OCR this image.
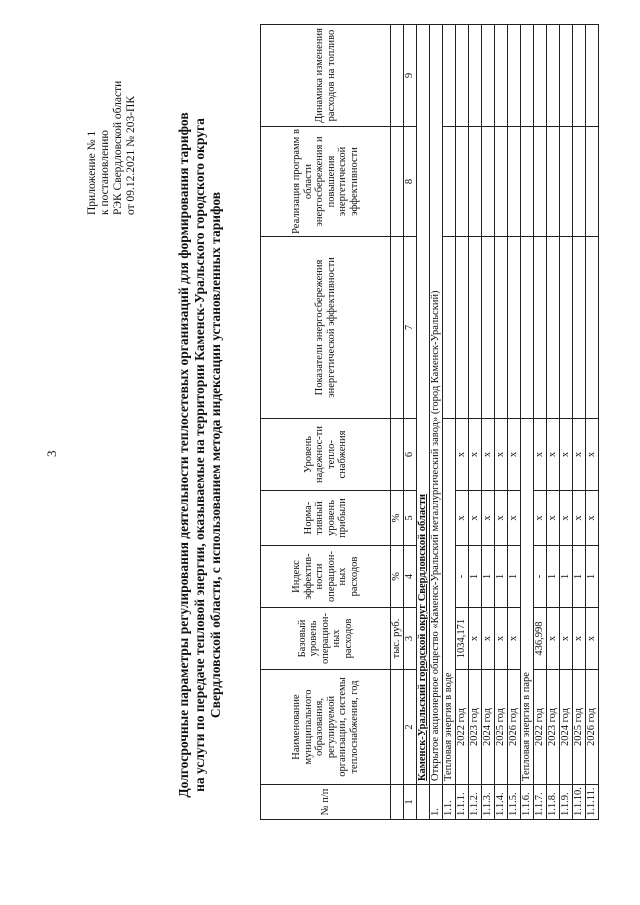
3
Приложение № 1 к постановлению РЭК Свердловской области от 09.12.2021 № 203-ПК	Долгосрочные параметры регулирования деятельности теплосетевых организаций для формирования тарифов на услуги по передаче тепловой энергии, оказываемые на территории Каменск-Уральского городского округа Свердловской области, с использованием метода индексации установленных тарифов
№ п/п	Наименование муниципального образования, регулируемой организации, системы теплоснабжения, год	Базовый уровень операцион-ных расходов	Индекс эффектив-ности операцион-ных расходов	Норма-тивный уровень прибыли	Уровень надежнос-ти тепло-снабжения	Показатели энергосбережения энергетической эффективности	Реализация программ в области энергосбережения и повышения энергетической эффективности	Динамика изменения расходов на топливо
		тыс. руб.	%	%				
1	2	3	4	5	6	7	8	9
	Каменск-Уральский городской округ Свердловской области							
1.	Открытое акционерное общество «Каменск-Уральский металлургический завод» (город Каменск-Уральский)							
1.1.	Тепловая энергия в воде							
1.1.1.	2022 год	1034,171	-	x	x			
1.1.2.	2023 год	x	1	x	x			
1.1.3.	2024 год	x	1	x	x			
1.1.4.	2025 год	x	1	x	x			
1.1.5.	2026 год	x	1	x	x			
1.1.6.	Тепловая энергия в паре							
1.1.7.	2022 год	436,998	-	x	x			
1.1.8.	2023 год	x	1	x	x			
1.1.9.	2024 год	x	1	x	x			
1.1.10.	2025 год	x	1	x	x			
1.1.11.	2026 год	x	1	x	x			
